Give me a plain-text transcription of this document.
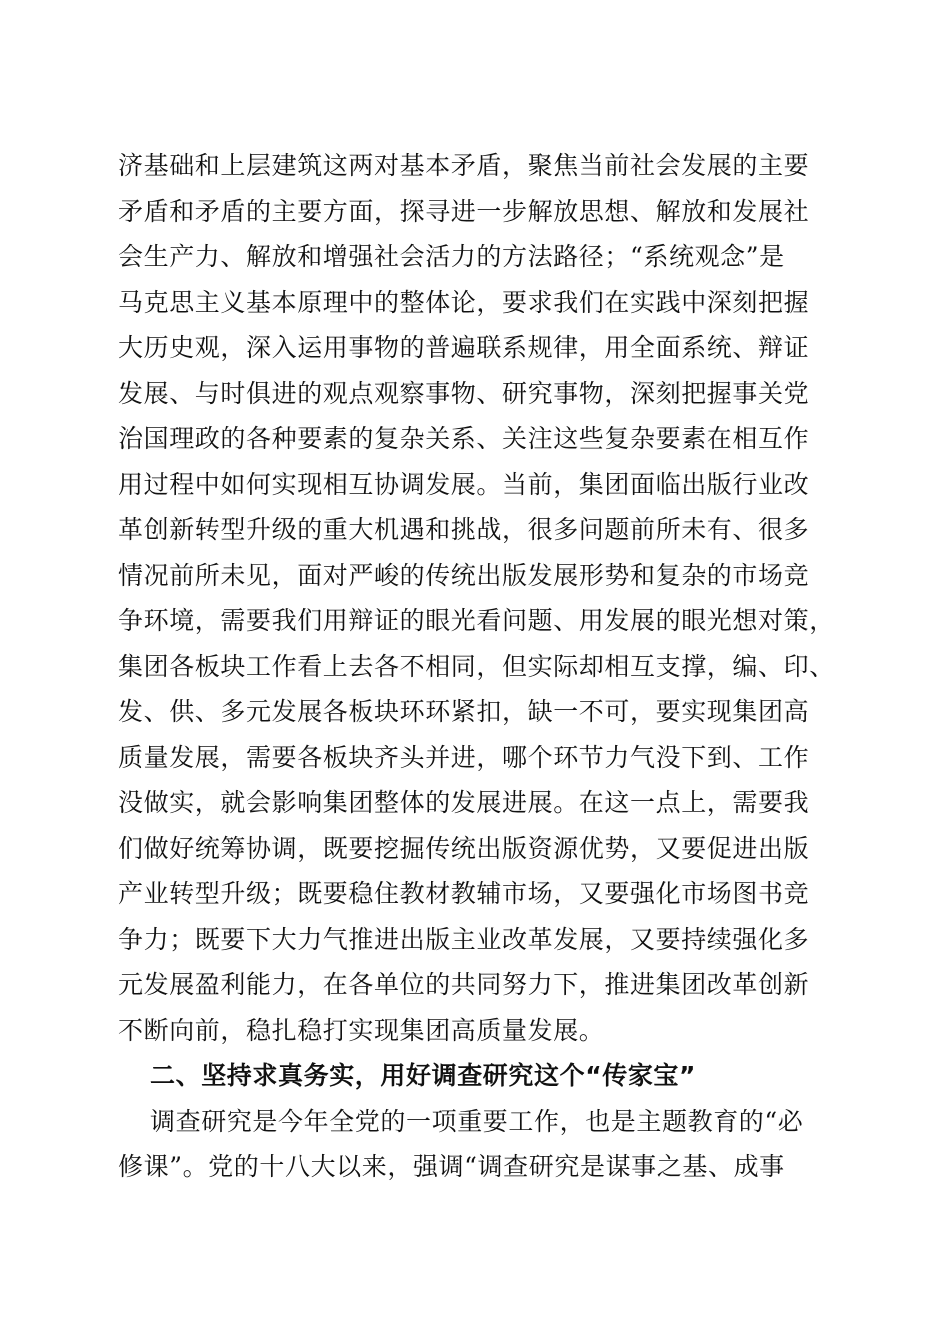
济基础和上层建筑这两对基本矛盾，聚焦当前社会发展的主要
矛盾和矛盾的主要方面，探寻进一步解放思想、解放和发展社
会生产力、解放和增强社会活力的方法路径；“系统观念”是
马克思主义基本原理中的整体论，要求我们在实践中深刻把握
大历史观，深入运用事物的普遍联系规律，用全面系统、辩证
发展、与时俱进的观点观察事物、研究事物，深刻把握事关党
治国理政的各种要素的复杂关系、关注这些复杂要素在相互作
用过程中如何实现相互协调发展。当前，集团面临出版行业改
革创新转型升级的重大机遇和挑战，很多问题前所未有、很多
情况前所未见，面对严峻的传统出版发展形势和复杂的市场竞
争环境，需要我们用辩证的眼光看问题、用发展的眼光想对策，
集团各板块工作看上去各不相同，但实际却相互支撑，编、印、
发、供、多元发展各板块环环紧扣，缺一不可，要实现集团高
质量发展，需要各板块齐头并进，哪个环节力气没下到、工作
没做实，就会影响集团整体的发展进展。在这一点上，需要我
们做好统筹协调，既要挖掘传统出版资源优势，又要促进出版
产业转型升级；既要稳住教材教辅市场，又要强化市场图书竞
争力；既要下大力气推进出版主业改革发展，又要持续强化多
元发展盈利能力，在各单位的共同努力下，推进集团改革创新
不断向前，稳扎稳打实现集团高质量发展。
二、坚持求真务实，用好调查研究这个“传家宝”
调查研究是今年全党的一项重要工作，也是主题教育的“必
修课”。党的十八大以来，强调“调查研究是谋事之基、成事
